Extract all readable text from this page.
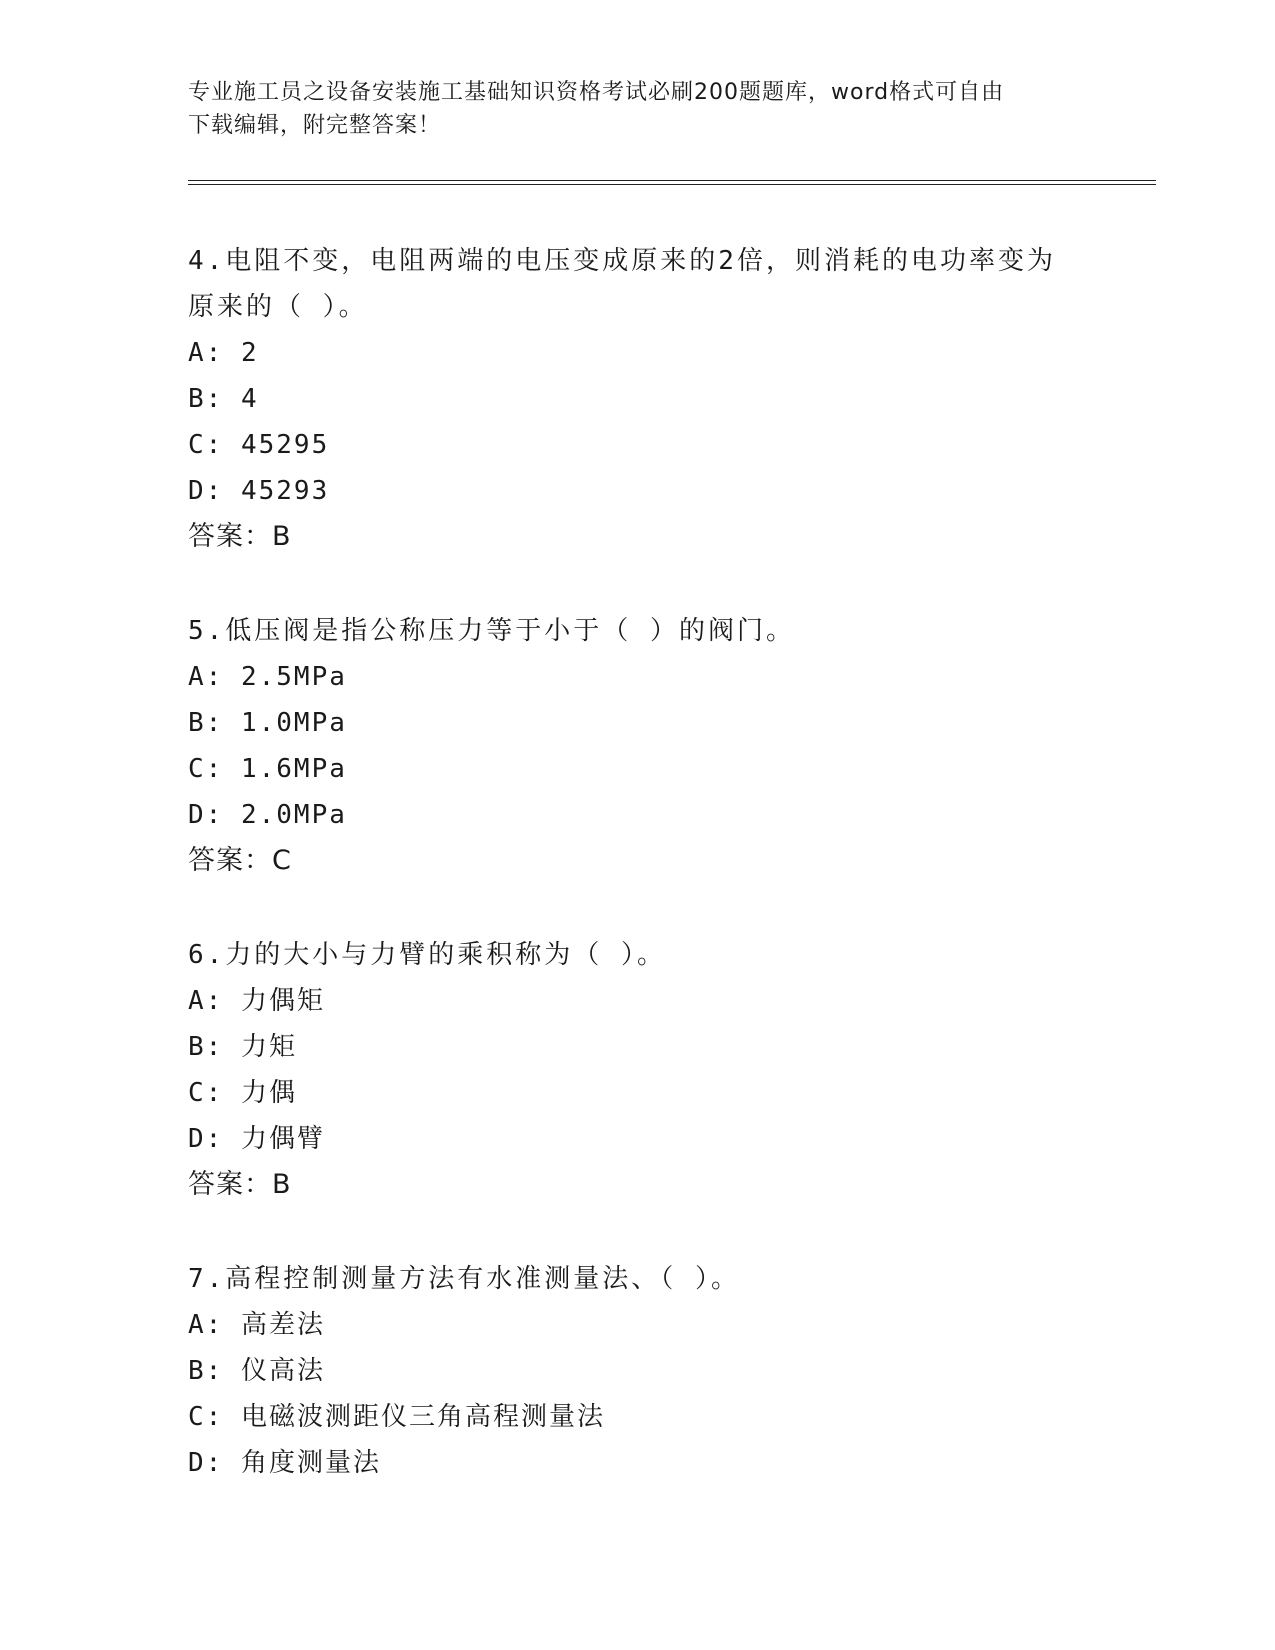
专业施工员之设备安装施工基础知识资格考试必刷200题题库，word格式可自由
下载编辑，附完整答案！

4.电阻不变，电阻两端的电压变成原来的2倍，则消耗的电功率变为

原来的（ ）。

A: 2

B: 4

C: 45295

D: 45293

答案：B

5.低压阀是指公称压力等于小于（ ）的阀门。

A: 2.5MPa

B: 1.0MPa

C: 1.6MPa

D: 2.0MPa

答案：C

6.力的大小与力臂的乘积称为（ ）。

A: 力偶矩

B: 力矩

C: 力偶

D: 力偶臂

答案：B

7.高程控制测量方法有水准测量法、（ ）。

A: 高差法

B: 仪高法

C: 电磁波测距仪三角高程测量法

D: 角度测量法
